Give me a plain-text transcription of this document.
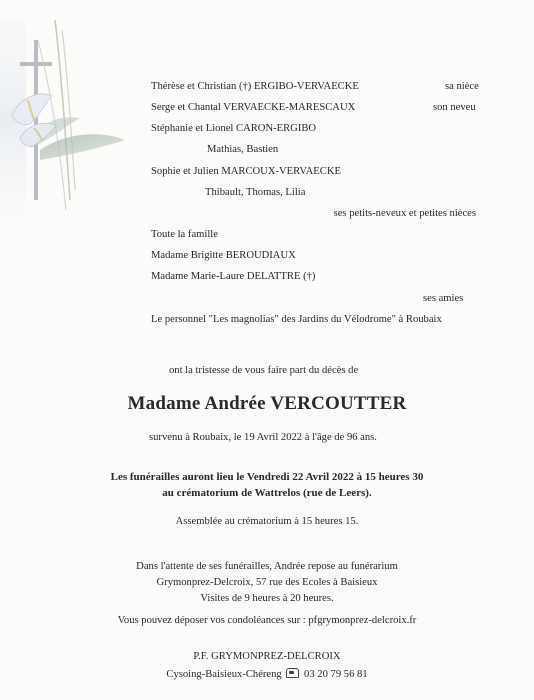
Thérèse et Christian (†) ERGIBO-VERVAECKE	sa nièce
Serge et Chantal VERVAECKE-MARESCAUX	son neveu
Stéphanie et Lionel CARON-ERGIBO
Mathias, Bastien
Sophie et Julien MARCOUX-VERVAECKE
Thibault, Thomas, Lilia
ses petits-neveux et petites nièces
Toute la famille
Madame Brigitte BEROUDIAUX
Madame Marie-Laure DELATTRE (†)
ses amies
Le personnel "Les magnolias" des Jardins du Vélodrome" à Roubaix
ont la tristesse de vous faire part du décès de
Madame Andrée VERCOUTTER
survenu à Roubaix, le 19 Avril 2022 à l'âge de 96 ans.
Les funérailles auront lieu le Vendredi 22 Avril 2022 à 15 heures 30
au crématorium de Wattrelos (rue de Leers).
Assemblée au crématorium à 15 heures 15.
Dans l'attente de ses funérailles, Andrée repose au funérarium
Grymonprez-Delcroix, 57 rue des Ecoles à Baisieux
Visites de 9 heures à 20 heures.
Vous pouvez déposer vos condoléances sur : pfgrymonprez-delcroix.fr
P.F. GRYMONPREZ-DELCROIX
Cysoing-Baisieux-Chéreng 03 20 79 56 81
